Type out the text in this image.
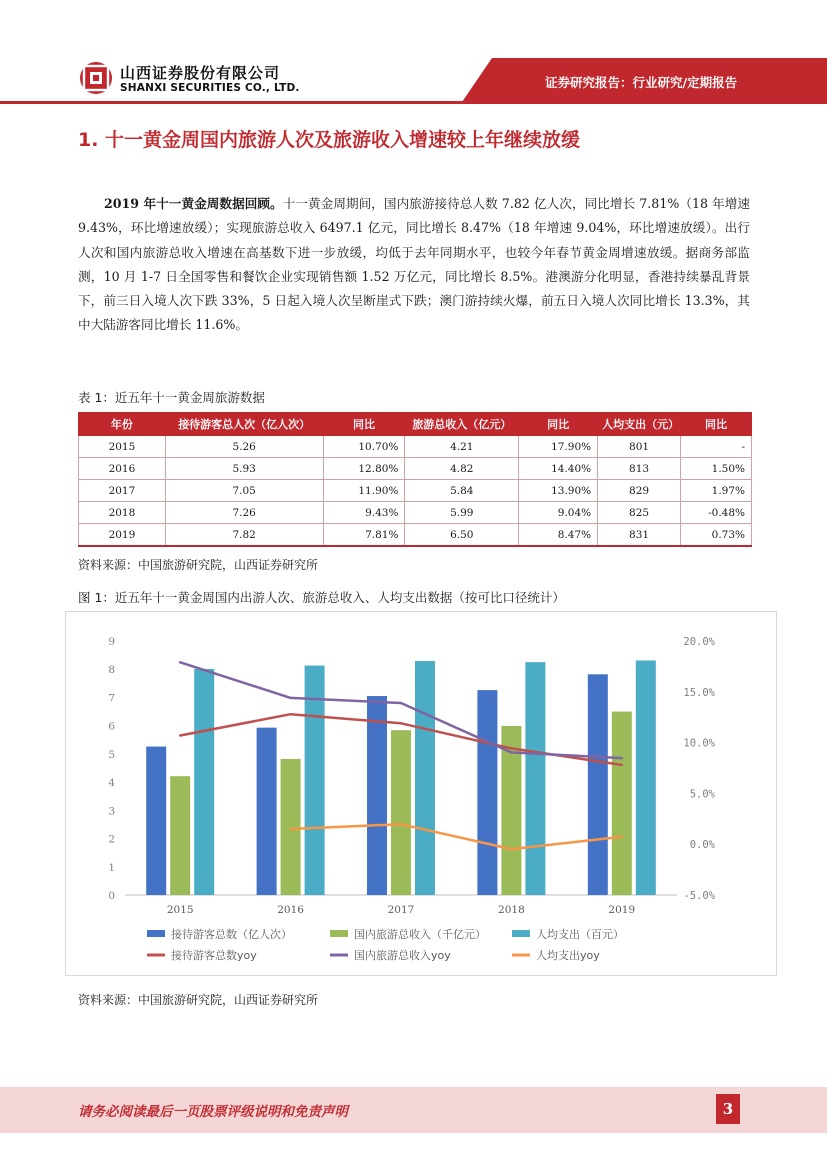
山西证券股份有限公司
SHANXI SECURITIES CO., LTD.	证券研究报告：行业研究/定期报告
1. 十一黄金周国内旅游人次及旅游收入增速较上年继续放缓
2019 年十一黄金周数据回顾。十一黄金周期间，国内旅游接待总人数 7.82 亿人次，同比增长 7.81%（18 年增速 9.43%，环比增速放缓）；实现旅游总收入 6497.1 亿元，同比增长 8.47%（18 年增速 9.04%，环比增速放缓）。出行人次和国内旅游总收入增速在高基数下进一步放缓，均低于去年同期水平，也较今年春节黄金周增速放缓。据商务部监测，10 月 1-7 日全国零售和餐饮企业实现销售额 1.52 万亿元，同比增长 8.5%。港澳游分化明显，香港持续暴乱背景下，前三日入境人次下跌 33%，5 日起入境人次呈断崖式下跌；澳门游持续火爆，前五日入境人次同比增长 13.3%，其中大陆游客同比增长 11.6%。
表 1：近五年十一黄金周旅游数据
年份	接待游客总人次（亿人次）	同比	旅游总收入（亿元）	同比	人均支出（元）	同比
2015	5.26	10.70%	4.21	17.90%	801	-
2016	5.93	12.80%	4.82	14.40%	813	1.50%
2017	7.05	11.90%	5.84	13.90%	829	1.97%
2018	7.26	9.43%	5.99	9.04%	825	-0.48%
2019	7.82	7.81%	6.50	8.47%	831	0.73%
资料来源：中国旅游研究院，山西证券研究所
图 1：近五年十一黄金周国内出游人次、旅游总收入、人均支出数据（按可比口径统计）
0
1
2
3
4
5
6
7
8
9
-5.0%
0.0%
5.0%
10.0%
15.0%
20.0%
2015	2016	2017	2018	2019
接待游客总数（亿人次）	国内旅游总收入（千亿元）	人均支出（百元）
接待游客总数yoy	国内旅游总收入yoy	人均支出yoy
资料来源：中国旅游研究院，山西证券研究所
请务必阅读最后一页股票评级说明和免责声明	3
